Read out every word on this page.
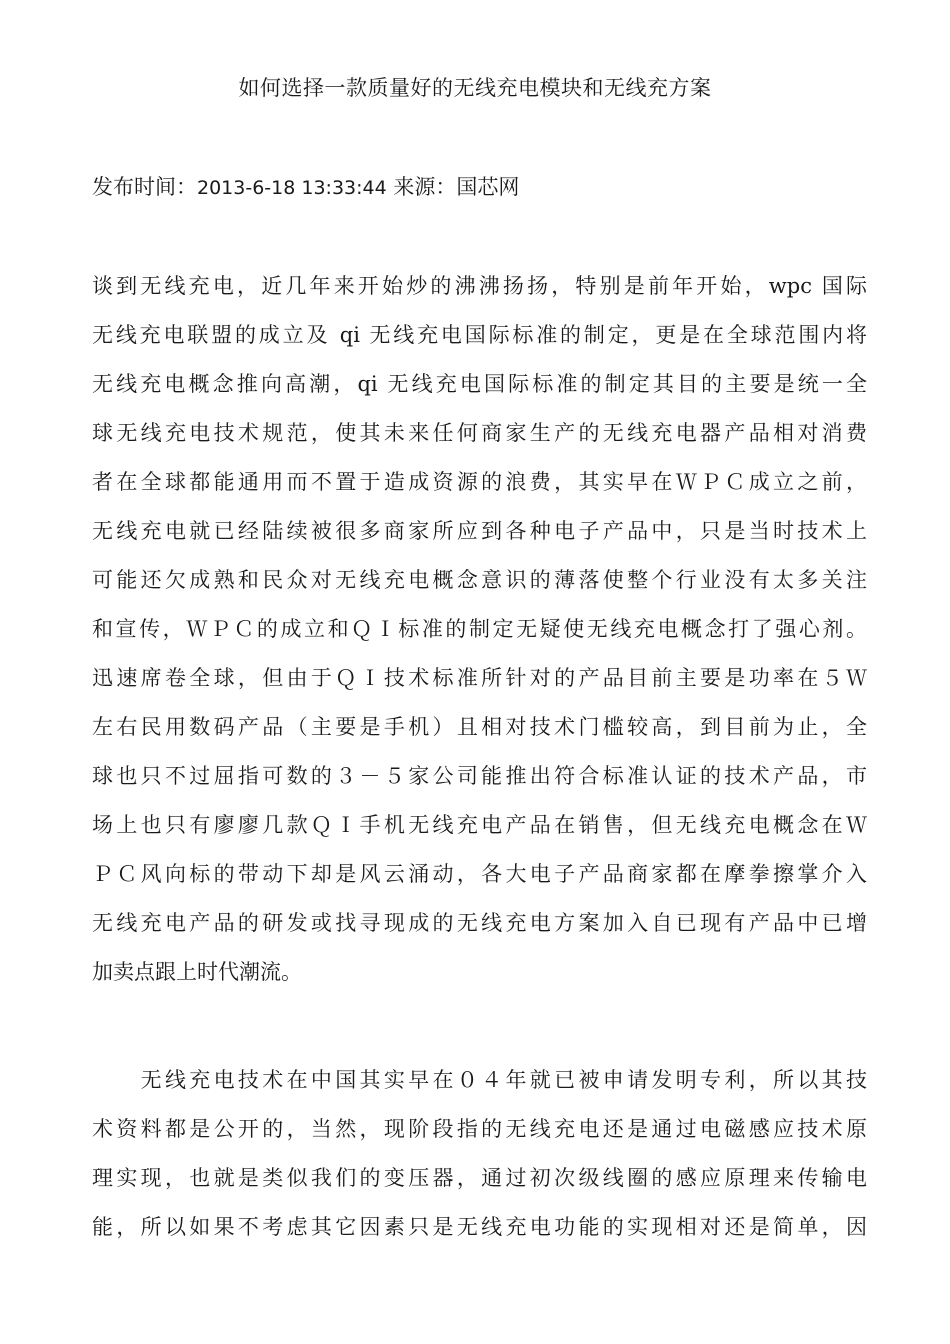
如何选择一款质量好的无线充电模块和无线充方案
发布时间：2013-6-18 13:33:44 来源：国芯网
谈到无线充电，近几年来开始炒的沸沸扬扬，特别是前年开始，wpc 国际
无线充电联盟的成立及 qi 无线充电国际标准的制定，更是在全球范围内将
无线充电概念推向高潮，qi 无线充电国际标准的制定其目的主要是统一全
球无线充电技术规范，使其未来任何商家生产的无线充电器产品相对消费
者在全球都能通用而不置于造成资源的浪费，其实早在ＷＰＣ成立之前，
无线充电就已经陆续被很多商家所应到各种电子产品中，只是当时技术上
可能还欠成熟和民众对无线充电概念意识的薄落使整个行业没有太多关注
和宣传，ＷＰＣ的成立和ＱＩ标准的制定无疑使无线充电概念打了强心剂。
迅速席卷全球，但由于ＱＩ技术标准所针对的产品目前主要是功率在５Ｗ
左右民用数码产品（主要是手机）且相对技术门槛较高，到目前为止，全
球也只不过屈指可数的３－５家公司能推出符合标准认证的技术产品，市
场上也只有廖廖几款ＱＩ手机无线充电产品在销售，但无线充电概念在Ｗ
ＰＣ风向标的带动下却是风云涌动，各大电子产品商家都在摩拳擦掌介入
无线充电产品的研发或找寻现成的无线充电方案加入自已现有产品中已增
加卖点跟上时代潮流。
　　无线充电技术在中国其实早在０４年就已被申请发明专利，所以其技
术资料都是公开的，当然，现阶段指的无线充电还是通过电磁感应技术原
理实现，也就是类似我们的变压器，通过初次级线圈的感应原理来传输电
能，所以如果不考虑其它因素只是无线充电功能的实现相对还是简单，因
